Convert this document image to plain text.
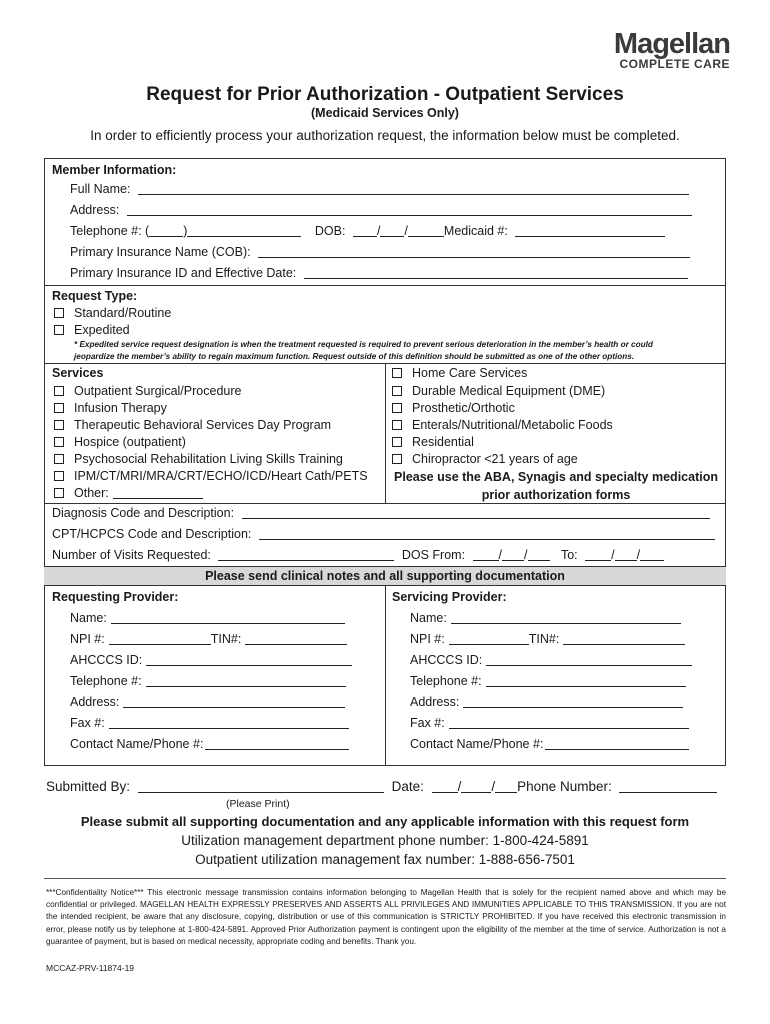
Magellan
COMPLETE CARE
Request for Prior Authorization - Outpatient Services
(Medicaid Services Only)
In order to efficiently process your authorization request, the information below must be completed.
Member Information:
Full Name:
Address:
Telephone #: (	)	DOB:	/ /	Medicaid #:
Primary Insurance Name (COB):
Primary Insurance ID and Effective Date:
Request Type:
Standard/Routine
Expedited
* Expedited service request designation is when the treatment requested is required to prevent serious deterioration in the member’s health or could
jeopardize the member’s ability to regain maximum function. Request outside of this definition should be submitted as one of the other options.
Services
Outpatient Surgical/Procedure
Infusion Therapy
Therapeutic Behavioral Services Day Program
Hospice (outpatient)
Psychosocial Rehabilitation Living Skills Training
IPM/CT/MRI/MRA/CRT/ECHO/ICD/Heart Cath/PETS
Other:
Home Care Services
Durable Medical Equipment (DME)
Prosthetic/Orthotic
Enterals/Nutritional/Metabolic Foods
Residential
Chiropractor <21 years of age
Please use the ABA, Synagis and specialty medication
prior authorization forms
Diagnosis Code and Description:
CPT/HCPCS Code and Description:
Number of Visits Requested:	DOS From:	/ /	To:	/ /
Please send clinical notes and all supporting documentation
Requesting Provider:
Name:
NPI #:	TIN#:
AHCCCS ID:
Telephone #:
Address:
Fax #:
Contact Name/Phone #:
Servicing Provider:
Name:
NPI #:	TIN#:
AHCCCS ID:
Telephone #:
Address:
Fax #:
Contact Name/Phone #:
Submitted By:	Date:	/ / Phone Number:
(Please Print)
Please submit all supporting documentation and any applicable information with this request form
Utilization management department phone number: 1-800-424-5891
Outpatient utilization management fax number: 1-888-656-7501
***Confidentiality Notice*** This electronic message transmission contains information belonging to Magellan Health that is solely for the recipient named above and which may be confidential or privileged. MAGELLAN HEALTH EXPRESSLY PRESERVES AND ASSERTS ALL PRIVILEGES AND IMMUNITIES APPLICABLE TO THIS TRANSMISSION. If you are not the intended recipient, be aware that any disclosure, copying, distribution or use of this communication is STRICTLY PROHIBITED. If you have received this electronic transmission in error, please notify us by telephone at 1-800-424-5891. Approved Prior Authorization payment is contingent upon the eligibility of the member at the time of service. Authorization is not a guarantee of payment, but is based on medical necessity, appropriate coding and benefits. Thank you.
MCCAZ-PRV-11874-19
